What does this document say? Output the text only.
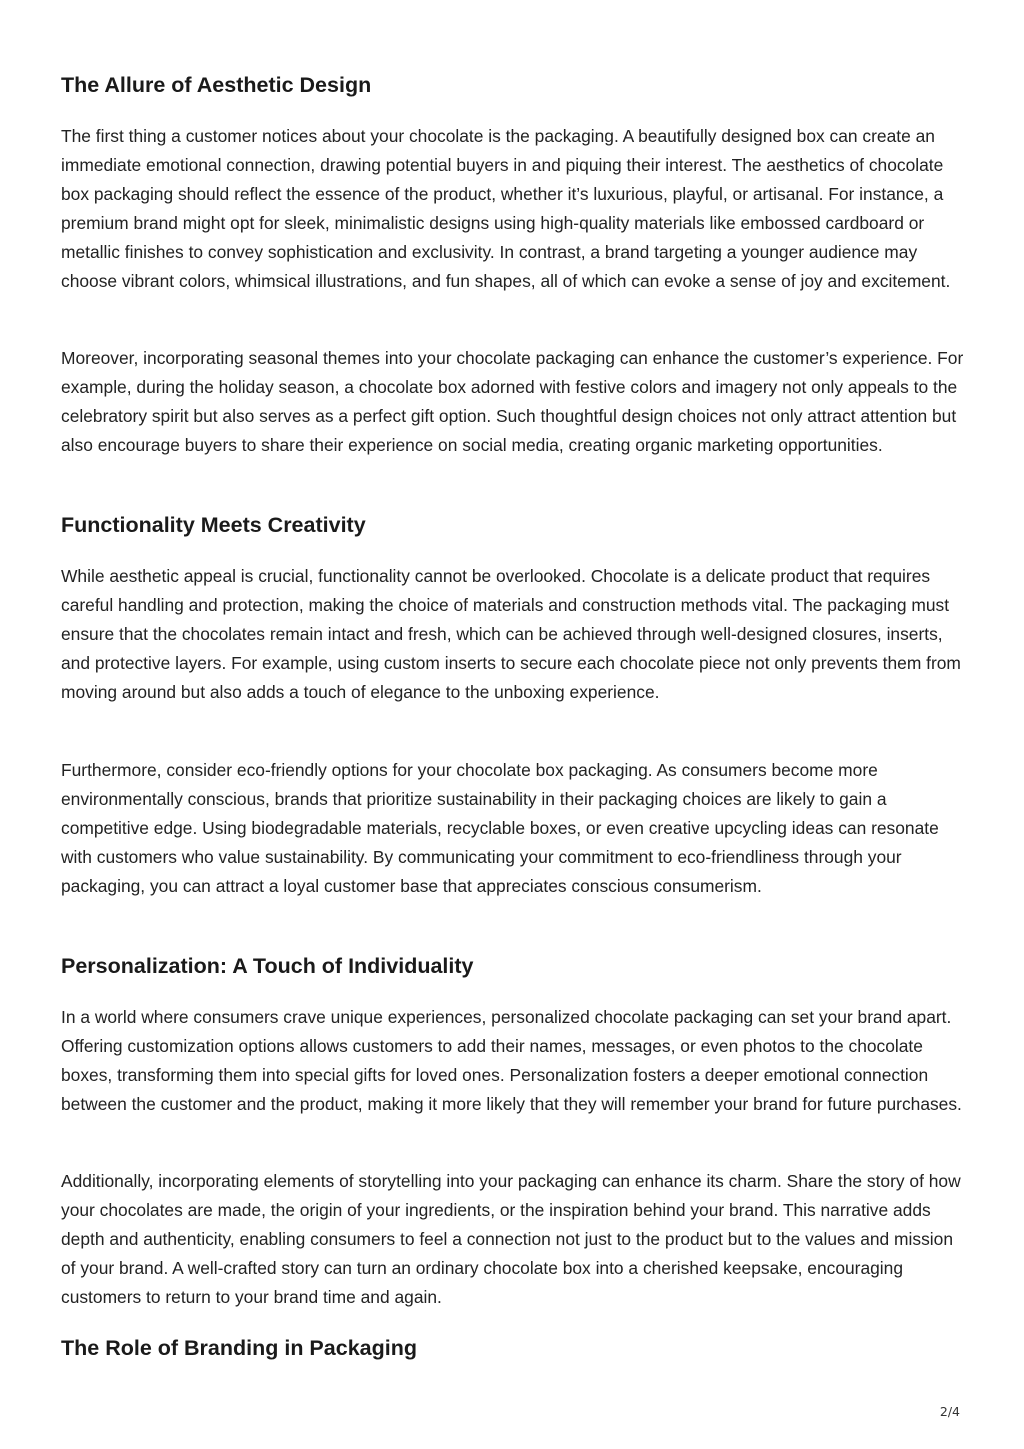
The Allure of Aesthetic Design

The first thing a customer notices about your chocolate is the packaging. A beautifully designed box can create an immediate emotional connection, drawing potential buyers in and piquing their interest. The aesthetics of chocolate box packaging should reflect the essence of the product, whether it’s luxurious, playful, or artisanal. For instance, a premium brand might opt for sleek, minimalistic designs using high-quality materials like embossed cardboard or metallic finishes to convey sophistication and exclusivity. In contrast, a brand targeting a younger audience may choose vibrant colors, whimsical illustrations, and fun shapes, all of which can evoke a sense of joy and excitement.

Moreover, incorporating seasonal themes into your chocolate packaging can enhance the customer’s experience. For example, during the holiday season, a chocolate box adorned with festive colors and imagery not only appeals to the celebratory spirit but also serves as a perfect gift option. Such thoughtful design choices not only attract attention but also encourage buyers to share their experience on social media, creating organic marketing opportunities.

Functionality Meets Creativity

While aesthetic appeal is crucial, functionality cannot be overlooked. Chocolate is a delicate product that requires careful handling and protection, making the choice of materials and construction methods vital. The packaging must ensure that the chocolates remain intact and fresh, which can be achieved through well-designed closures, inserts, and protective layers. For example, using custom inserts to secure each chocolate piece not only prevents them from moving around but also adds a touch of elegance to the unboxing experience.

Furthermore, consider eco-friendly options for your chocolate box packaging. As consumers become more environmentally conscious, brands that prioritize sustainability in their packaging choices are likely to gain a competitive edge. Using biodegradable materials, recyclable boxes, or even creative upcycling ideas can resonate with customers who value sustainability. By communicating your commitment to eco-friendliness through your packaging, you can attract a loyal customer base that appreciates conscious consumerism.

Personalization: A Touch of Individuality

In a world where consumers crave unique experiences, personalized chocolate packaging can set your brand apart. Offering customization options allows customers to add their names, messages, or even photos to the chocolate boxes, transforming them into special gifts for loved ones. Personalization fosters a deeper emotional connection between the customer and the product, making it more likely that they will remember your brand for future purchases.

Additionally, incorporating elements of storytelling into your packaging can enhance its charm. Share the story of how your chocolates are made, the origin of your ingredients, or the inspiration behind your brand. This narrative adds depth and authenticity, enabling consumers to feel a connection not just to the product but to the values and mission of your brand. A well-crafted story can turn an ordinary chocolate box into a cherished keepsake, encouraging customers to return to your brand time and again.

The Role of Branding in Packaging
2/4
